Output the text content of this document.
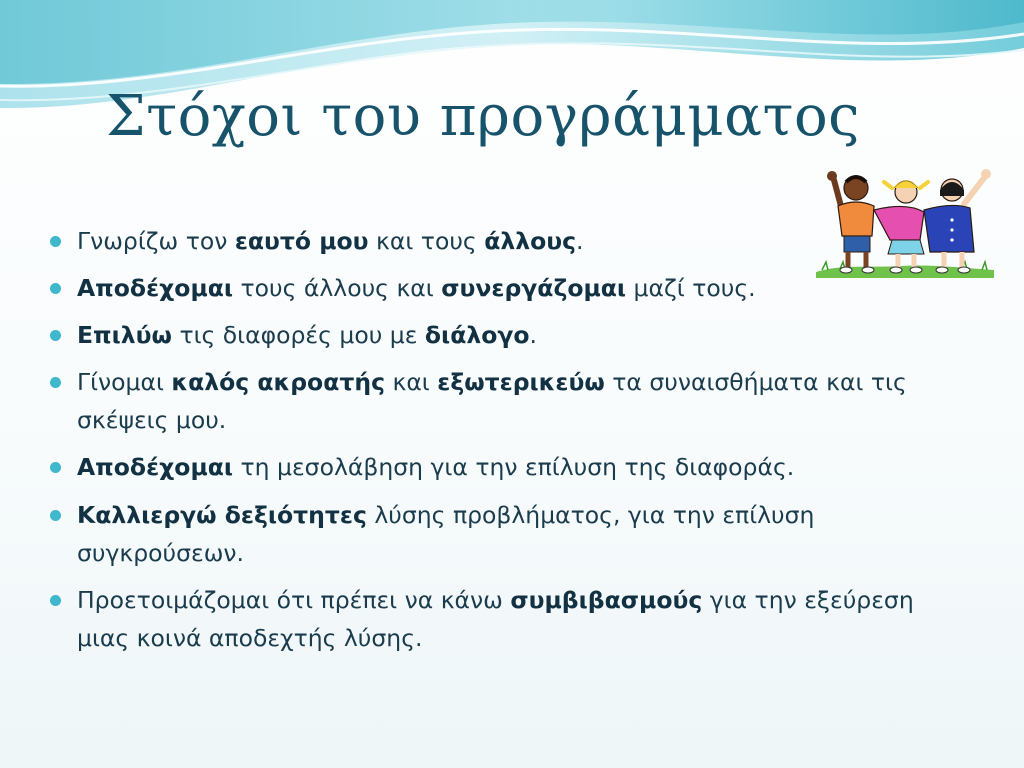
Στόχοι του προγράμματος
Γνωρίζω τον εαυτό μου και τους άλλους.
Αποδέχομαι τους άλλους και συνεργάζομαι μαζί τους.
Επιλύω τις διαφορές μου με διάλογο.
Γίνομαι καλός ακροατής και εξωτερικεύω τα συναισθήματα και τις σκέψεις μου.
Αποδέχομαι τη μεσολάβηση για την επίλυση της διαφοράς.
Καλλιεργώ δεξιότητες λύσης προβλήματος, για την επίλυση συγκρούσεων.
Προετοιμάζομαι ότι πρέπει να κάνω συμβιβασμούς για την εξεύρεση μιας κοινά αποδεχτής λύσης.
